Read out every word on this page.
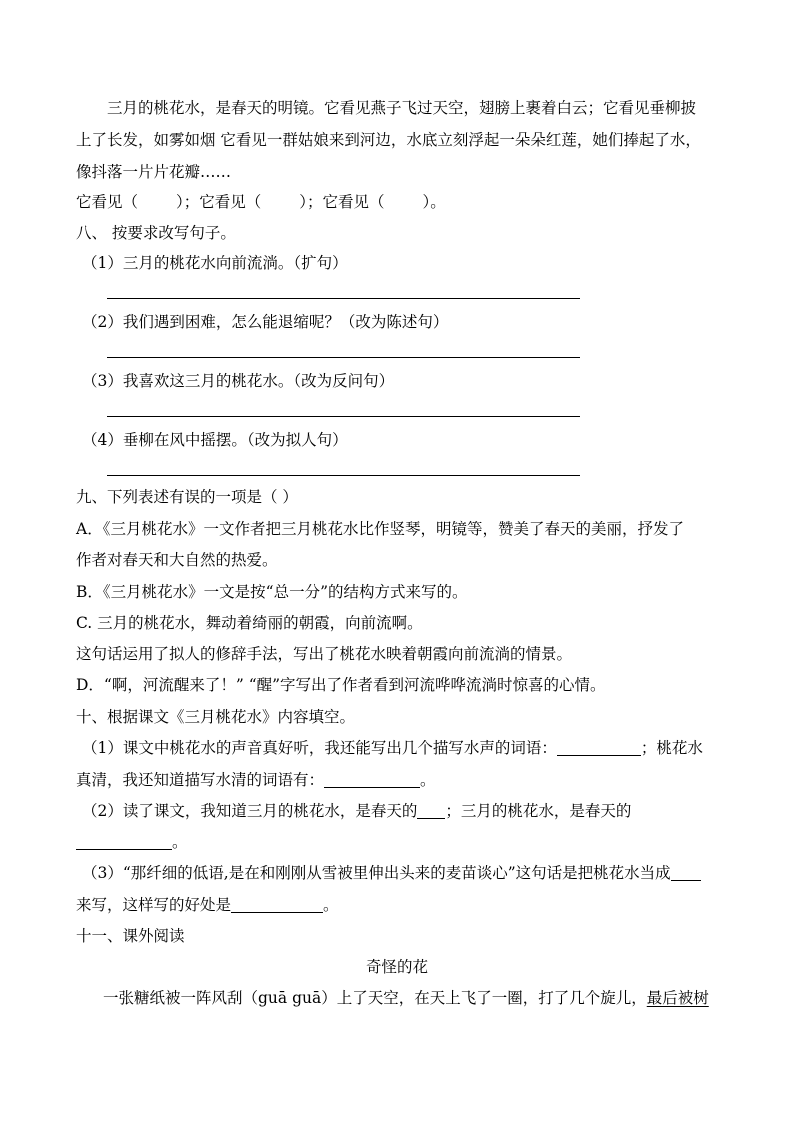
三月的桃花水，是春天的明镜。它看见燕子飞过天空，翅膀上裹着白云；它看见垂柳披
上了长发，如雾如烟 它看见一群姑娘来到河边，水底立刻浮起一朵朵红莲，她们捧起了水，
像抖落一片片花瓣……
它看见（ ）；它看见（ ）；它看见（ ）。
八、 按要求改写句子。
（1）三月的桃花水向前流淌。（扩句）
（2）我们遇到困难，怎么能退缩呢？（改为陈述句）
（3）我喜欢这三月的桃花水。（改为反问句）
（4）垂柳在风中摇摆。（改为拟人句）
九、下列表述有误的一项是（ ）
A．《三月桃花水》一文作者把三月桃花水比作竖琴，明镜等，赞美了春天的美丽，抒发了
作者对春天和大自然的热爱。
B．《三月桃花水》一文是按“总一分”的结构方式来写的。
C. 三月的桃花水，舞动着绮丽的朝霞，向前流啊。
这句话运用了拟人的修辞手法，写出了桃花水映着朝霞向前流淌的情景。
D．“啊，河流醒来了！” “醒”字写出了作者看到河流哗哗流淌时惊喜的心情。
十、根据课文《三月桃花水》内容填空。
（1）课文中桃花水的声音真好听，我还能写出几个描写水声的词语：	；桃花水
真清，我还知道描写水清的词语有：	。
（2）读了课文，我知道三月的桃花水，是春天的 ；三月的桃花水，是春天的
。
（3）“那纤细的低语,是在和刚刚从雪被里伸出头来的麦苗谈心”这句话是把桃花水当成
来写，这样写的好处是	。
十一、课外阅读
奇怪的花
一张糖纸被一阵风刮（guā guā）上了天空，在天上飞了一圈，打了几个旋儿，最后被树
